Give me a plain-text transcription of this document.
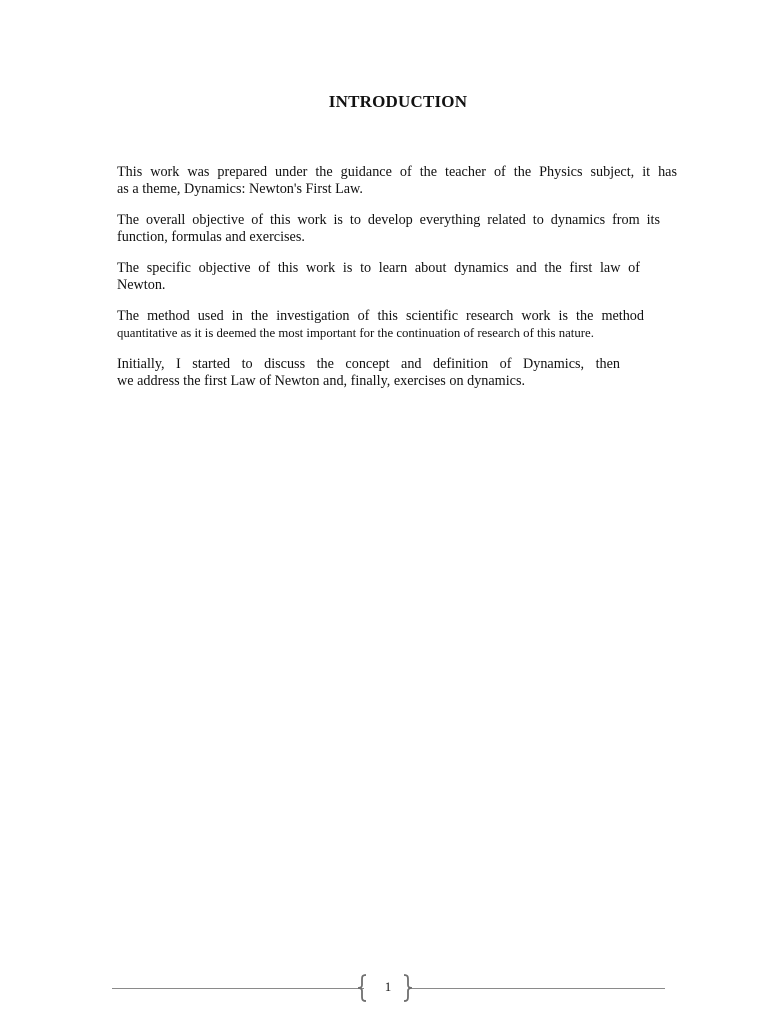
INTRODUCTION

This work was prepared under the guidance of the teacher of the Physics subject, it has
as a theme, Dynamics: Newton's First Law.

The overall objective of this work is to develop everything related to dynamics from its
function, formulas and exercises.

The specific objective of this work is to learn about dynamics and the first law of
Newton.

The method used in the investigation of this scientific research work is the method
quantitative as it is deemed the most important for the continuation of research of this nature.

Initially, I started to discuss the concept and definition of Dynamics, then
we address the first Law of Newton and, finally, exercises on dynamics.

1
